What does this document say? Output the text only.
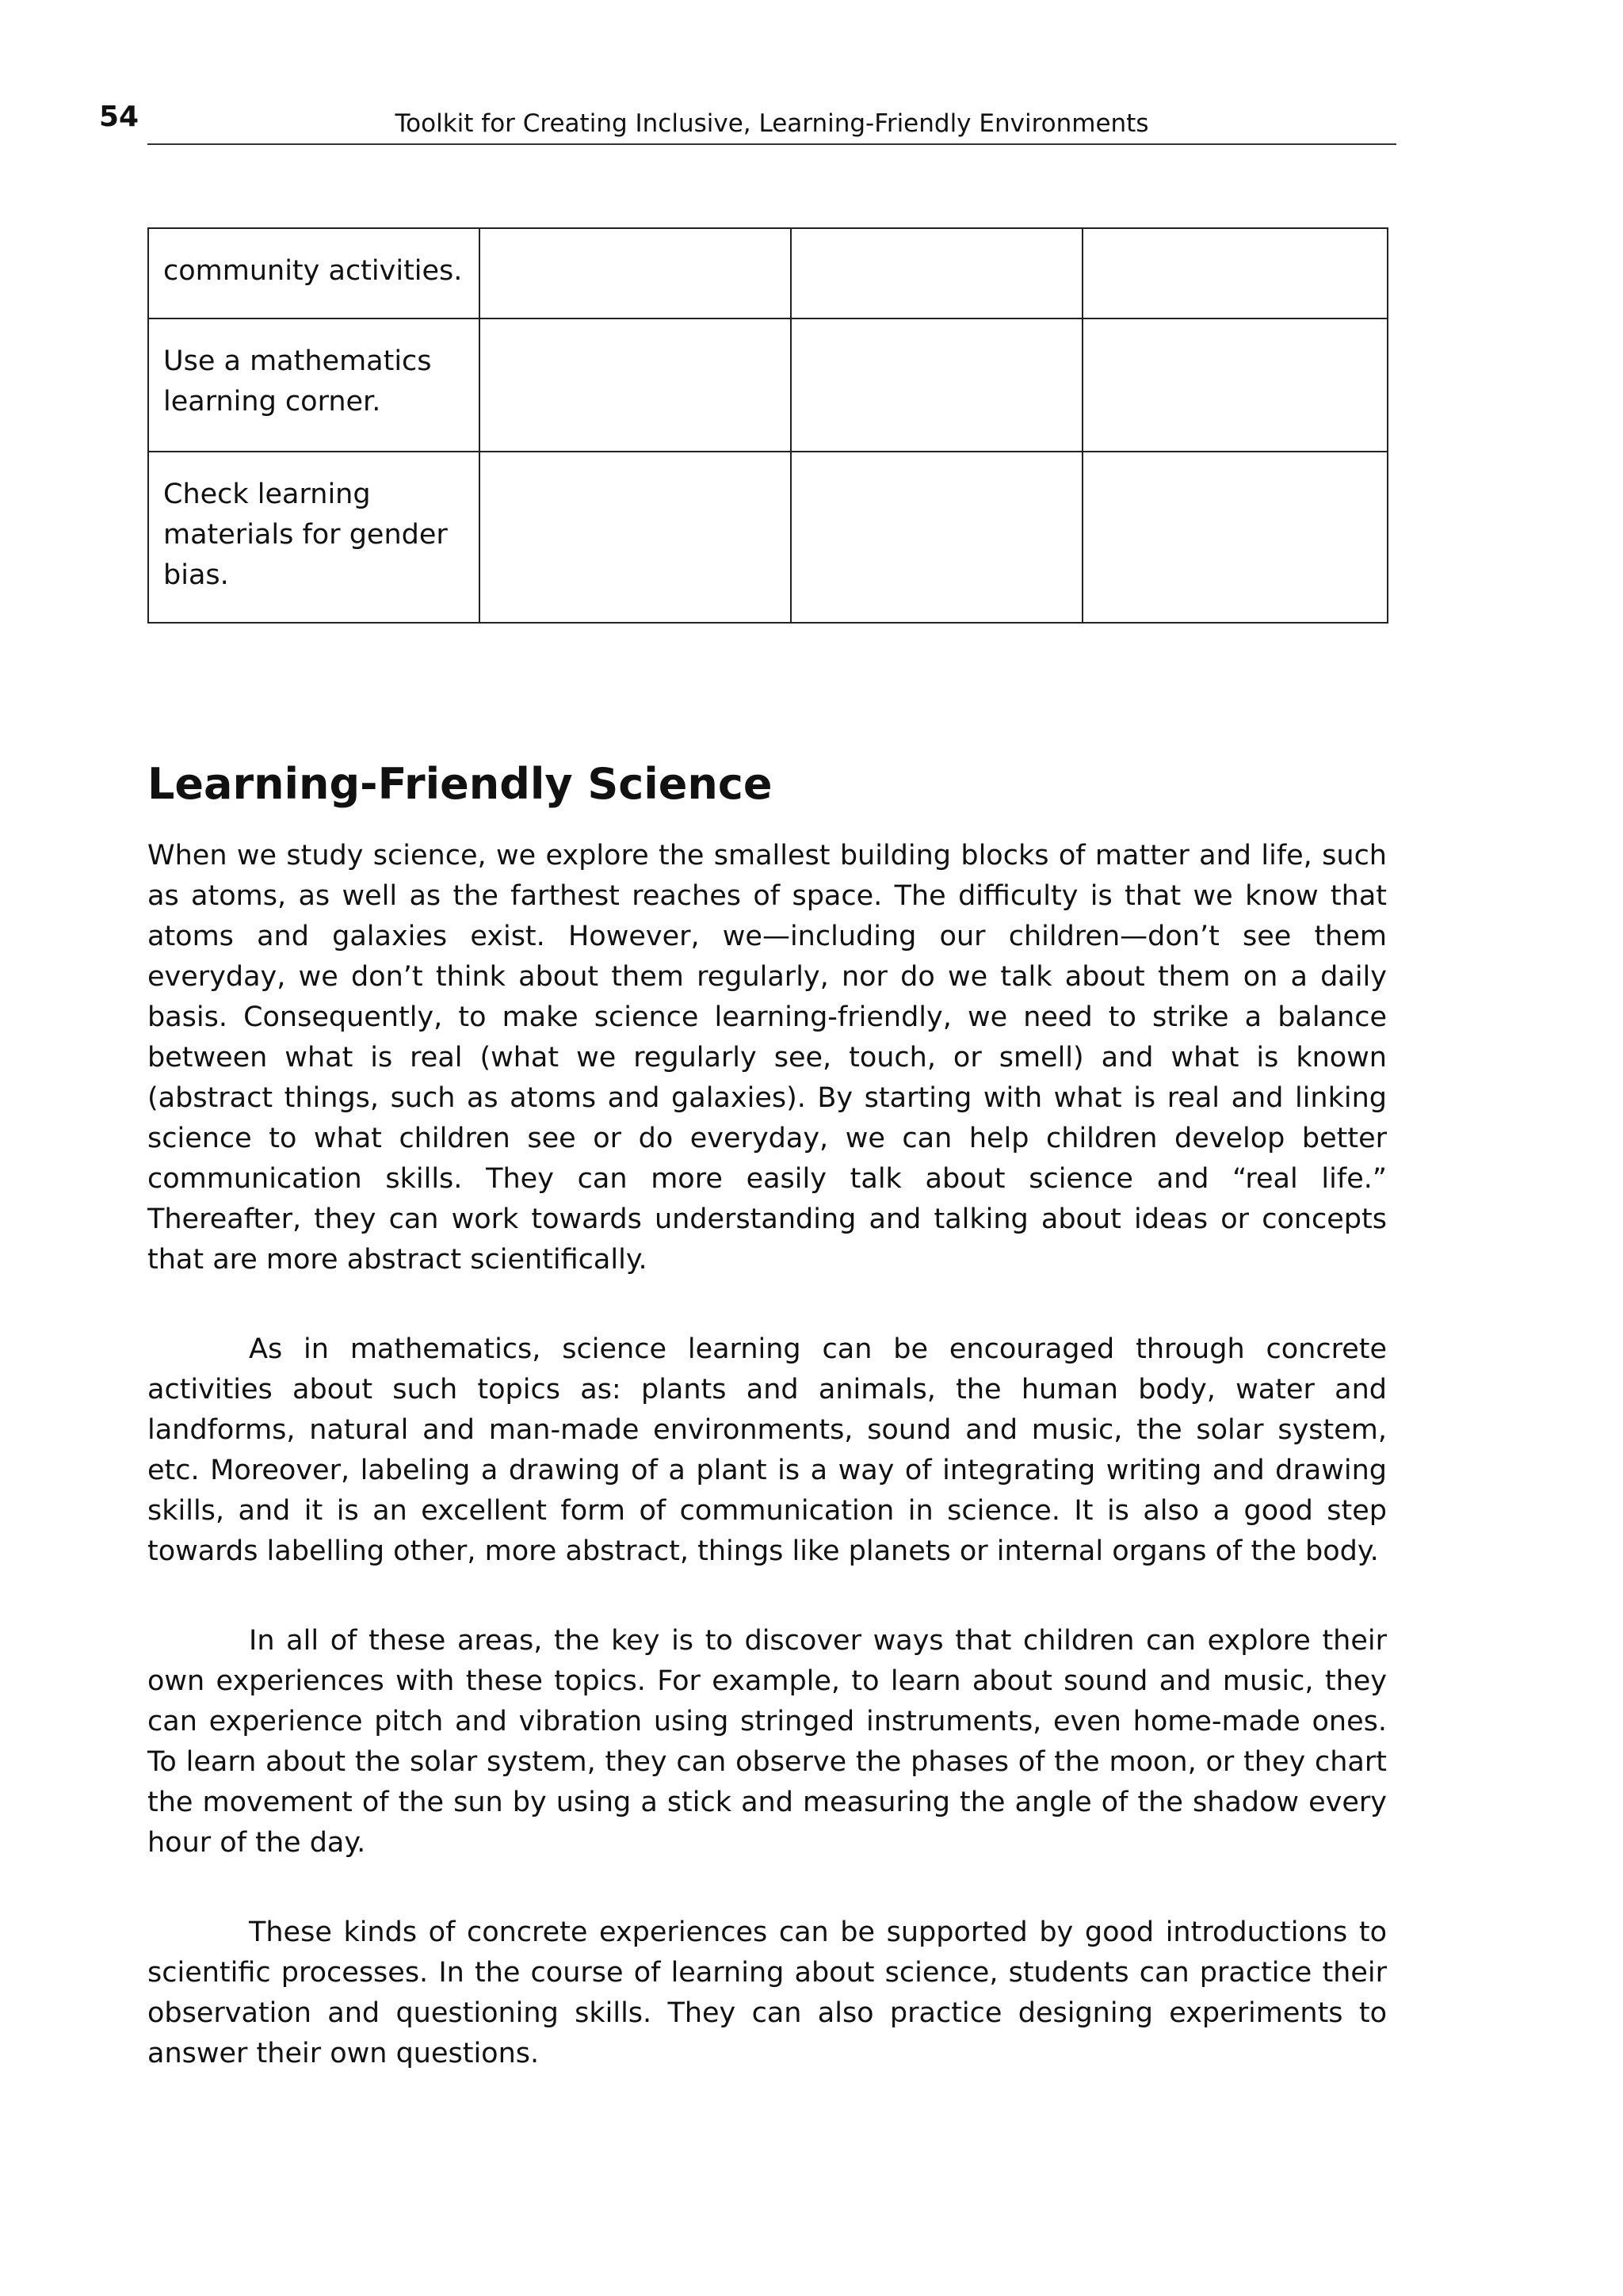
54	Toolkit for Creating Inclusive, Learning-Friendly Environments
community activities.			
Use a mathematics learning corner.			
Check learning materials for gender bias.			
Learning-Friendly Science

When we study science, we explore the smallest building blocks of matter and life, such as atoms, as well as the farthest reaches of space. The difficulty is that we know that atoms and galaxies exist. However, we—including our children—don’t see them everyday, we don’t think about them regularly, nor do we talk about them on a daily basis. Consequently, to make science learning-friendly, we need to strike a balance between what is real (what we regularly see, touch, or smell) and what is known (abstract things, such as atoms and galaxies). By starting with what is real and linking science to what children see or do everyday, we can help children develop better communication skills. They can more easily talk about science and “real life.” Thereafter, they can work towards understanding and talking about ideas or concepts that are more abstract scientifically.

As in mathematics, science learning can be encouraged through concrete activities about such topics as: plants and animals, the human body, water and landforms, natural and man-made environments, sound and music, the solar system, etc. Moreover, labeling a drawing of a plant is a way of integrating writing and drawing skills, and it is an excellent form of communication in science. It is also a good step towards labelling other, more abstract, things like planets or internal organs of the body.

In all of these areas, the key is to discover ways that children can explore their own experiences with these topics. For example, to learn about sound and music, they can experience pitch and vibration using stringed instruments, even home-made ones. To learn about the solar system, they can observe the phases of the moon, or they chart the movement of the sun by using a stick and measuring the angle of the shadow every hour of the day.

These kinds of concrete experiences can be supported by good introductions to scientific processes. In the course of learning about science, students can practice their observation and questioning skills. They can also practice designing experiments to answer their own questions.
